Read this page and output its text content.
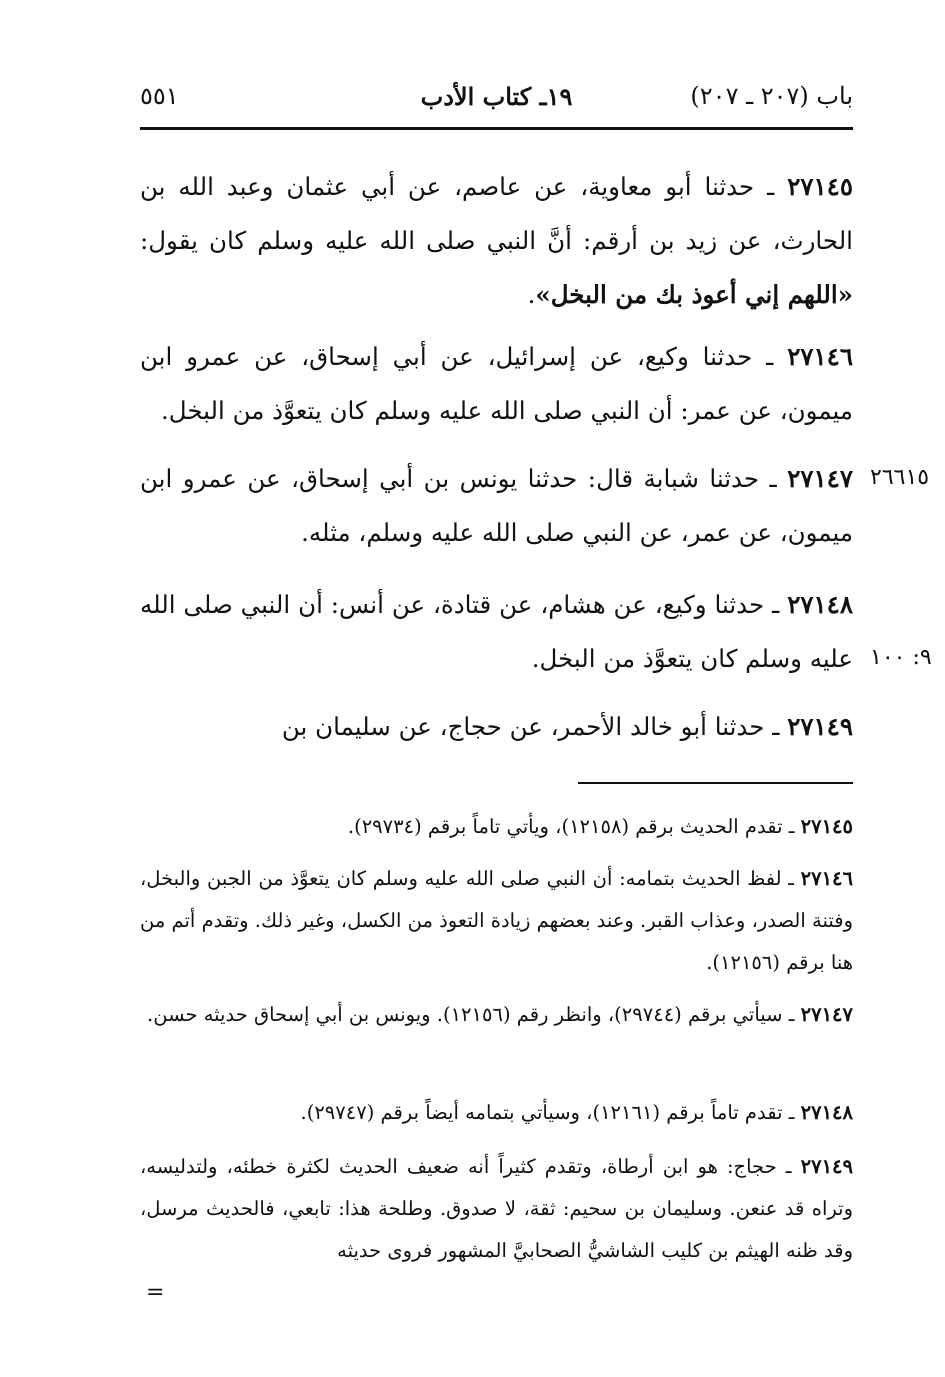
باب (٢٠٧ ـ ٢٠٧)
١٩ـ كتاب الأدب
٥٥١
٢٧١٤٥ ـ حدثنا أبو معاوية، عن عاصم، عن أبي عثمان وعبد الله بن الحارث، عن زيد بن أرقم: أنَّ النبي صلى الله عليه وسلم كان يقول: «اللهم إني أعوذ بك من البخل».
٢٧١٤٦ ـ حدثنا وكيع، عن إسرائيل، عن أبي إسحاق، عن عمرو ابن ميمون، عن عمر: أن النبي صلى الله عليه وسلم كان يتعوَّذ من البخل.
٢٧١٤٧ ـ حدثنا شبابة قال: حدثنا يونس بن أبي إسحاق، عن عمرو ابن ميمون، عن عمر، عن النبي صلى الله عليه وسلم، مثله.
٢٦٦١٥
٢٧١٤٨ ـ حدثنا وكيع، عن هشام، عن قتادة، عن أنس: أن النبي صلى الله عليه وسلم كان يتعوَّذ من البخل. ٩: ١٠٠
٢٧١٤٩ ـ حدثنا أبو خالد الأحمر، عن حجاج، عن سليمان بن
٢٧١٤٥ ـ تقدم الحديث برقم (١٢١٥٨)، ويأتي تاماً برقم (٢٩٧٣٤).
٢٧١٤٦ ـ لفظ الحديث بتمامه: أن النبي صلى الله عليه وسلم كان يتعوَّذ من الجبن والبخل، وفتنة الصدر، وعذاب القبر. وعند بعضهم زيادة التعوذ من الكسل، وغير ذلك. وتقدم أتم من هنا برقم (١٢١٥٦).
٢٧١٤٧ ـ سيأتي برقم (٢٩٧٤٤)، وانظر رقم (١٢١٥٦). ويونس بن أبي إسحاق حديثه حسن.
٢٧١٤٨ ـ تقدم تاماً برقم (١٢١٦١)، وسيأتي بتمامه أيضاً برقم (٢٩٧٤٧).
٢٧١٤٩ ـ حجاج: هو ابن أرطاة، وتقدم كثيراً أنه ضعيف الحديث لكثرة خطئه، ولتدليسه، وتراه قد عنعن. وسليمان بن سحيم: ثقة، لا صدوق. وطلحة هذا: تابعي، فالحديث مرسل، وقد ظنه الهيثم بن كليب الشاشيُّ الصحابيَّ المشهور فروى حديثه
=
